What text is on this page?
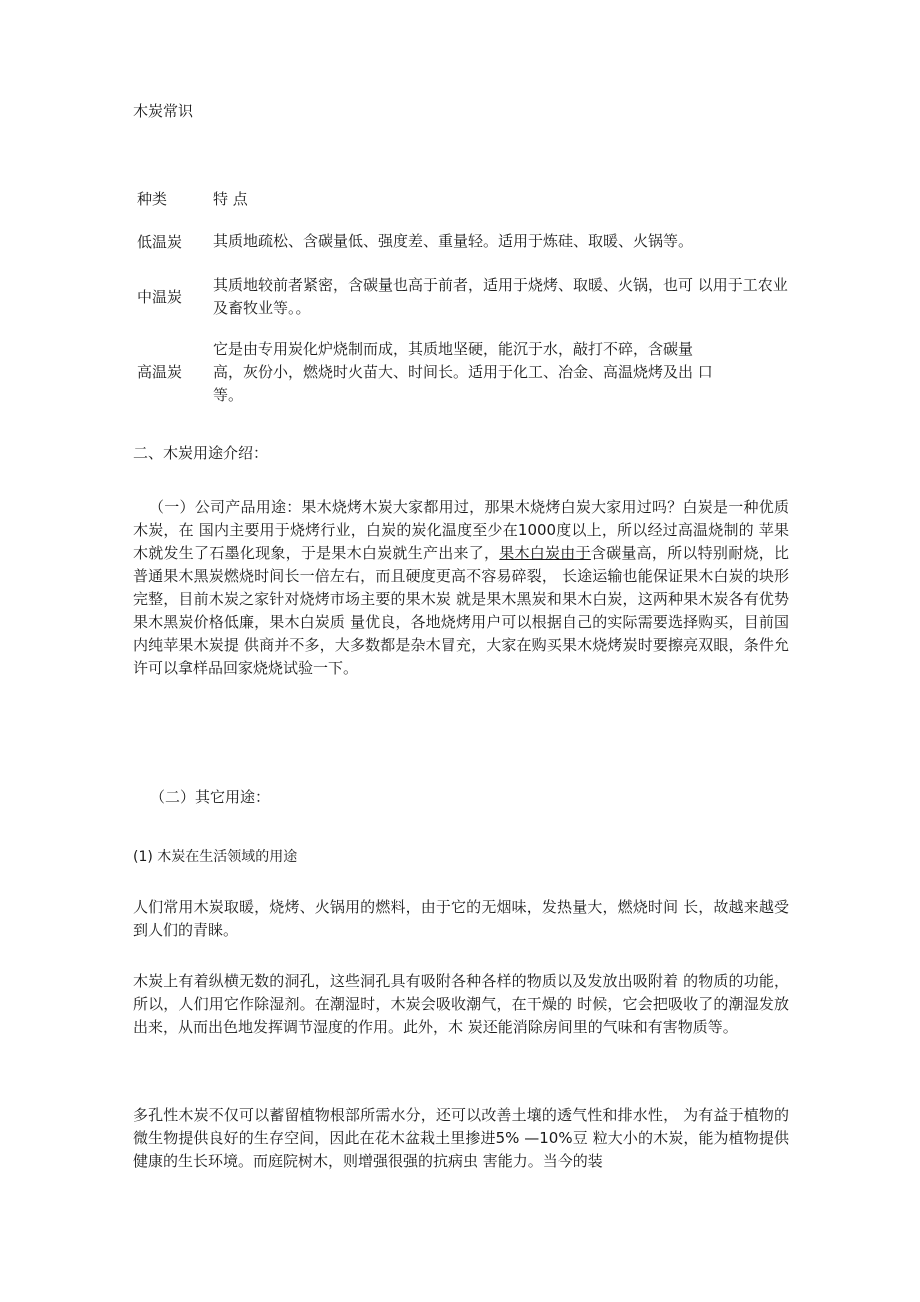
木炭常识
种类	特 点
低温炭	其质地疏松、含碳量低、强度差、重量轻。适用于炼硅、取暖、火锅等。
中温炭
其质地较前者紧密，含碳量也高于前者，适用于烧烤、取暖、火锅，也可 以用于工农业及畜牧业等。。
高温炭
它是由专用炭化炉烧制而成，其质地坚硬，能沉于水，敲打不碎，含碳量
高，灰份小，燃烧时火苗大、时间长。适用于化工、冶金、高温烧烤及出 口
等。
二、木炭用途介绍：
（一）公司产品用途：果木烧烤木炭大家都用过，那果木烧烤白炭大家用过吗？白炭是一种优质木炭，在 国内主要用于烧烤行业，白炭的炭化温度至少在1000度以上，所以经过高温烧制的 苹果木就发生了石墨化现象，于是果木白炭就生产出来了，果木白炭由于含碳量高，所以特别耐烧，比普通果木黑炭燃烧时间长一倍左右，而且硬度更高不容易碎裂， 长途运输也能保证果木白炭的块形完整，目前木炭之家针对烧烤市场主要的果木炭 就是果木黑炭和果木白炭，这两种果木炭各有优势果木黑炭价格低廉，果木白炭质 量优良，各地烧烤用户可以根据自己的实际需要选择购买，目前国内纯苹果木炭提 供商并不多，大多数都是杂木冒充，大家在购买果木烧烤炭时要擦亮双眼，条件允 许可以拿样品回家烧烧试验一下。
（二）其它用途：
(1) 木炭在生活领域的用途
人们常用木炭取暖，烧烤、火锅用的燃料，由于它的无烟味，发热量大，燃烧时间 长，故越来越受到人们的青睐。
木炭上有着纵横无数的洞孔，这些洞孔具有吸附各种各样的物质以及发放出吸附着 的物质的功能，所以，人们用它作除湿剂。在潮湿时，木炭会吸收潮气，在干燥的 时候，它会把吸收了的潮湿发放出来，从而出色地发挥调节湿度的作用。此外，木 炭还能消除房间里的气味和有害物质等。
多孔性木炭不仅可以蓄留植物根部所需水分，还可以改善土壤的透气性和排水性， 为有益于植物的微生物提供良好的生存空间，因此在花木盆栽土里掺进5% —10%豆 粒大小的木炭，能为植物提供健康的生长环境。而庭院树木，则增强很强的抗病虫 害能力。当今的装
